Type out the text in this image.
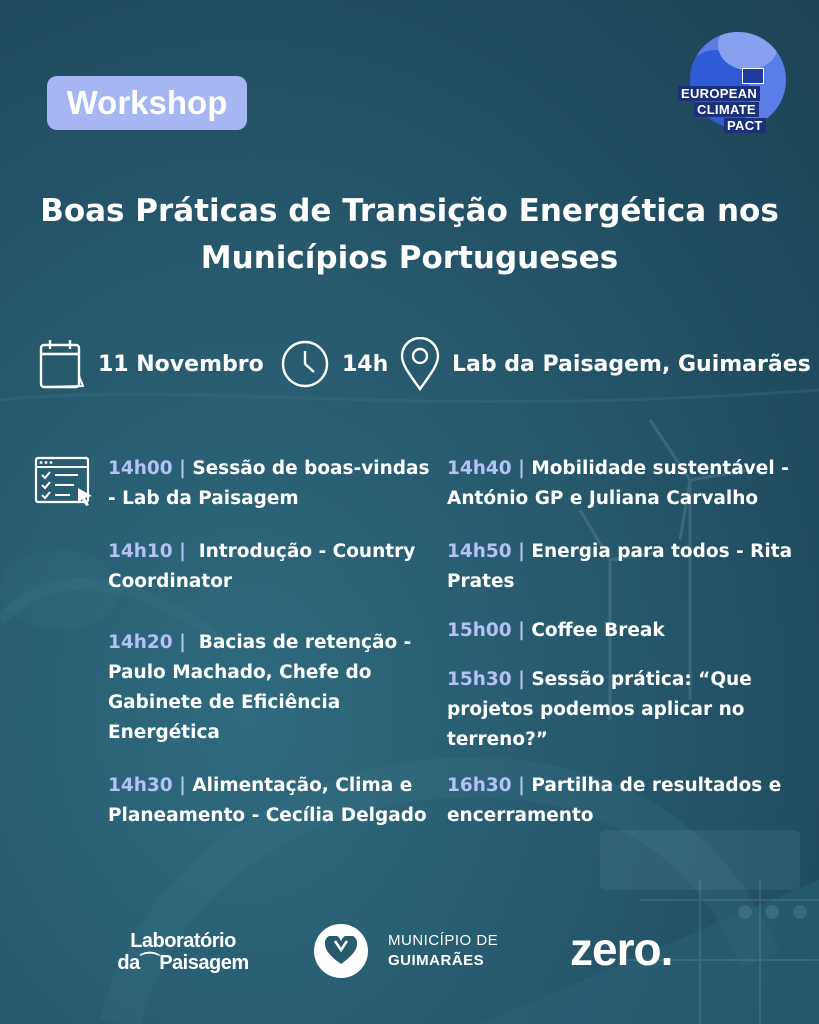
Workshop	EUROPEAN
CLIMATE
PACT
Boas Práticas de Transição Energética nos
Municípios Portugueses
11 Novembro	14h	Lab da Paisagem, Guimarães
14h00 | Sessão de boas-vindas
- Lab da Paisagem
14h10 |  Introdução - Country
Coordinator
14h20 |  Bacias de retenção -
Paulo Machado, Chefe do
Gabinete de Eficiência
Energética
14h30 | Alimentação, Clima e
Planeamento - Cecília Delgado
14h40 | Mobilidade sustentável -
António GP e Juliana Carvalho
14h50 | Energia para todos - Rita
Prates
15h00 | Coffee Break
15h30 | Sessão prática: “Que
projetos podemos aplicar no
terreno?”
16h30 | Partilha de resultados e
encerramento
Laboratório
da⌒Paisagem
MUNICÍPIO DE
GUIMARÃES	zero.
